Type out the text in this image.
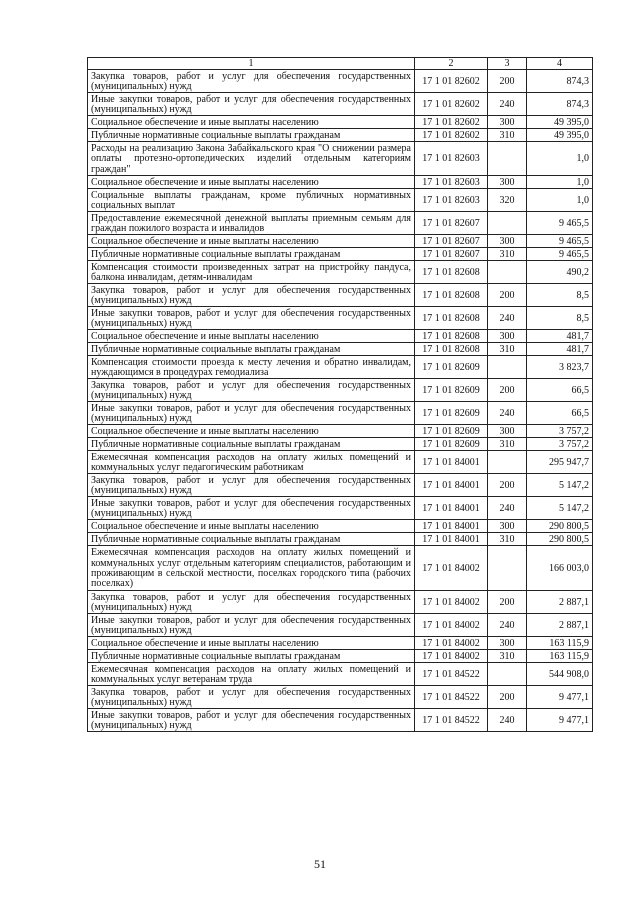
1	2	3	4
Закупка товаров, работ и услуг для обеспечения государственных (муниципальных) нужд	17 1 01 82602	200	874,3
Иные закупки товаров, работ и услуг для обеспечения государственных (муниципальных) нужд	17 1 01 82602	240	874,3
Социальное обеспечение и иные выплаты населению	17 1 01 82602	300	49 395,0
Публичные нормативные социальные выплаты гражданам	17 1 01 82602	310	49 395,0
Расходы на реализацию Закона Забайкальского края "О снижении размера оплаты протезно-ортопедических изделий отдельным категориям граждан"	17 1 01 82603		1,0
Социальное обеспечение и иные выплаты населению	17 1 01 82603	300	1,0
Социальные выплаты гражданам, кроме публичных нормативных социальных выплат	17 1 01 82603	320	1,0
Предоставление ежемесячной денежной выплаты приемным семьям для граждан пожилого возраста и инвалидов	17 1 01 82607		9 465,5
Социальное обеспечение и иные выплаты населению	17 1 01 82607	300	9 465,5
Публичные нормативные социальные выплаты гражданам	17 1 01 82607	310	9 465,5
Компенсация стоимости произведенных затрат на пристройку пандуса, балкона инвалидам, детям-инвалидам	17 1 01 82608		490,2
Закупка товаров, работ и услуг для обеспечения государственных (муниципальных) нужд	17 1 01 82608	200	8,5
Иные закупки товаров, работ и услуг для обеспечения государственных (муниципальных) нужд	17 1 01 82608	240	8,5
Социальное обеспечение и иные выплаты населению	17 1 01 82608	300	481,7
Публичные нормативные социальные выплаты гражданам	17 1 01 82608	310	481,7
Компенсация стоимости проезда к месту лечения и обратно инвалидам, нуждающимся в процедурах гемодиализа	17 1 01 82609		3 823,7
Закупка товаров, работ и услуг для обеспечения государственных (муниципальных) нужд	17 1 01 82609	200	66,5
Иные закупки товаров, работ и услуг для обеспечения государственных (муниципальных) нужд	17 1 01 82609	240	66,5
Социальное обеспечение и иные выплаты населению	17 1 01 82609	300	3 757,2
Публичные нормативные социальные выплаты гражданам	17 1 01 82609	310	3 757,2
Ежемесячная компенсация расходов на оплату жилых помещений и коммунальных услуг педагогическим работникам	17 1 01 84001		295 947,7
Закупка товаров, работ и услуг для обеспечения государственных (муниципальных) нужд	17 1 01 84001	200	5 147,2
Иные закупки товаров, работ и услуг для обеспечения государственных (муниципальных) нужд	17 1 01 84001	240	5 147,2
Социальное обеспечение и иные выплаты населению	17 1 01 84001	300	290 800,5
Публичные нормативные социальные выплаты гражданам	17 1 01 84001	310	290 800,5
Ежемесячная компенсация расходов на оплату жилых помещений и коммунальных услуг отдельным категориям специалистов, работающим и проживающим в сельской местности, поселках городского типа (рабочих поселках)	17 1 01 84002		166 003,0
Закупка товаров, работ и услуг для обеспечения государственных (муниципальных) нужд	17 1 01 84002	200	2 887,1
Иные закупки товаров, работ и услуг для обеспечения государственных (муниципальных) нужд	17 1 01 84002	240	2 887,1
Социальное обеспечение и иные выплаты населению	17 1 01 84002	300	163 115,9
Публичные нормативные социальные выплаты гражданам	17 1 01 84002	310	163 115,9
Ежемесячная компенсация расходов на оплату жилых помещений и коммунальных услуг ветеранам труда	17 1 01 84522		544 908,0
Закупка товаров, работ и услуг для обеспечения государственных (муниципальных) нужд	17 1 01 84522	200	9 477,1
Иные закупки товаров, работ и услуг для обеспечения государственных (муниципальных) нужд	17 1 01 84522	240	9 477,1
51
